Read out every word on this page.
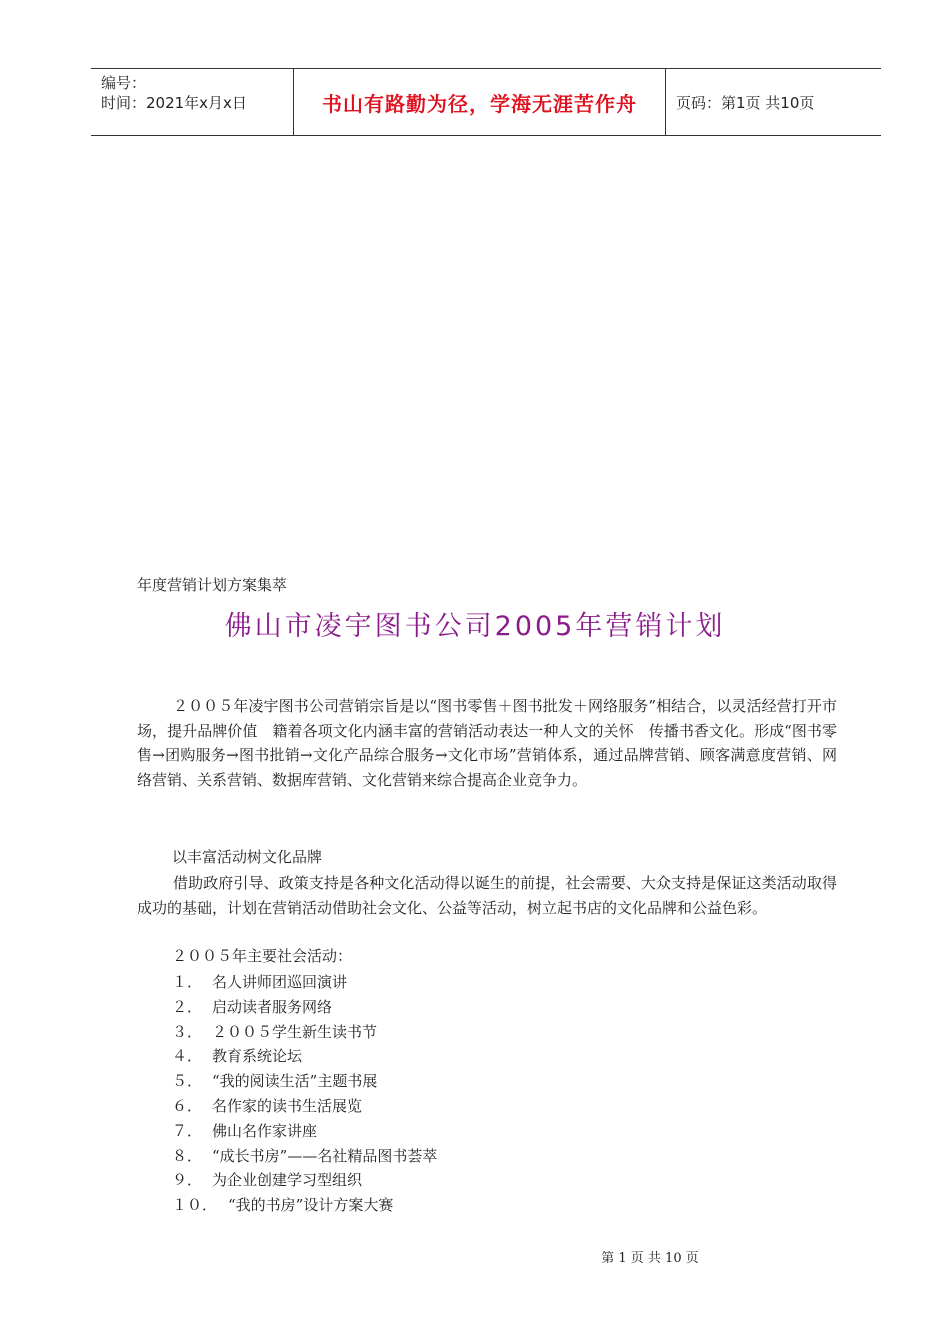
编号：
时间：2021年x月x日	书山有路勤为径，学海无涯苦作舟	页码：第1页 共10页
年度营销计划方案集萃
佛山市凌宇图书公司2005年营销计划
２００５年凌宇图书公司营销宗旨是以“图书零售＋图书批发＋网络服务”相结合，以灵活经营打开市场，提升品牌价值　籍着各项文化内涵丰富的营销活动表达一种人文的关怀　传播书香文化。形成“图书零售→团购服务→图书批销→文化产品综合服务→文化市场”营销体系，通过品牌营销、顾客满意度营销、网络营销、关系营销、数据库营销、文化营销来综合提高企业竞争力。
以丰富活动树文化品牌
借助政府引导、政策支持是各种文化活动得以诞生的前提，社会需要、大众支持是保证这类活动取得成功的基础，计划在营销活动借助社会文化、公益等活动，树立起书店的文化品牌和公益色彩。
２００５年主要社会活动：
１． 名人讲师团巡回演讲
２． 启动读者服务网络
３． ２００５学生新生读书节
４． 教育系统论坛
５． “我的阅读生活”主题书展
６． 名作家的读书生活展览
７． 佛山名作家讲座
８． “成长书房”——名社精品图书荟萃
９． 为企业创建学习型组织
１０． “我的书房”设计方案大赛
第 1 页 共 10 页
